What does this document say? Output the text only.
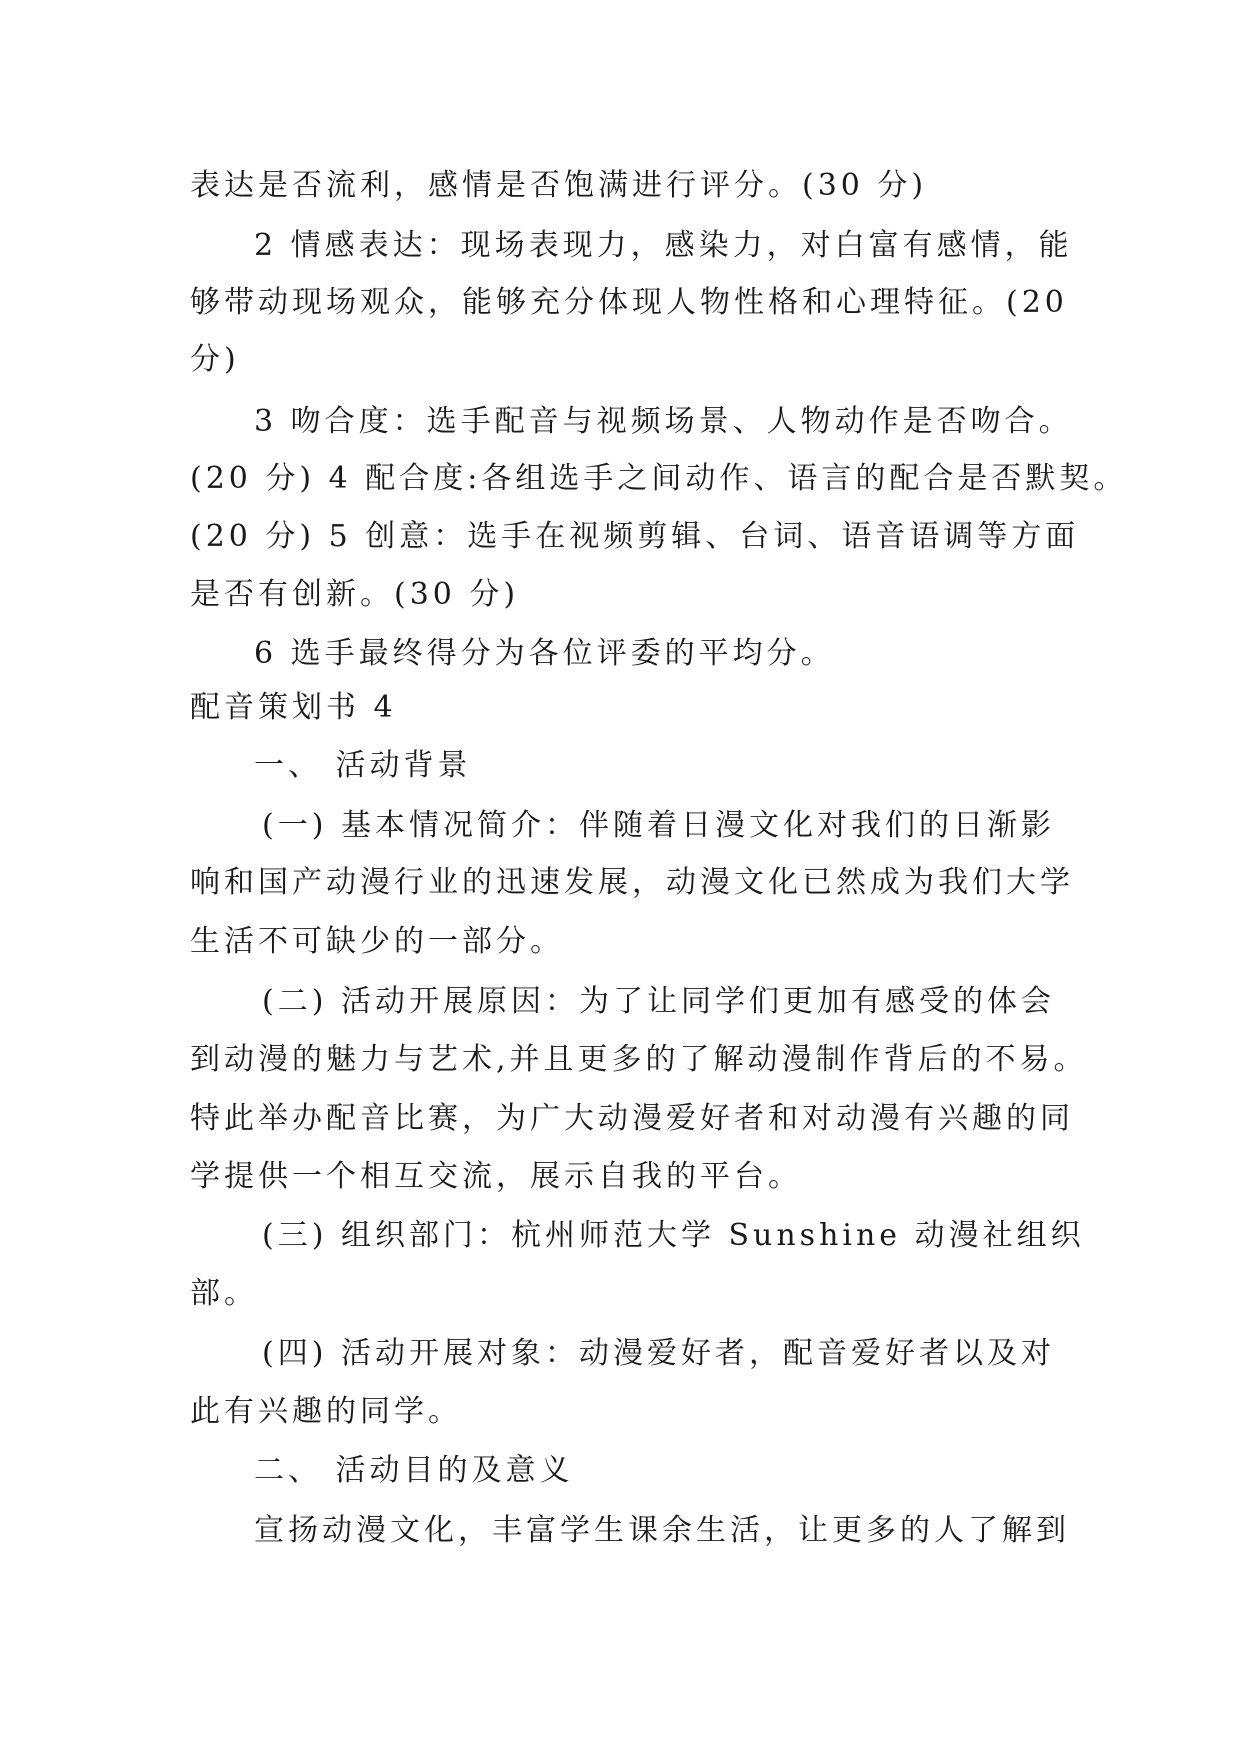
表达是否流利，感情是否饱满进行评分。(30 分)
2 情感表达：现场表现力，感染力，对白富有感情，能
够带动现场观众，能够充分体现人物性格和心理特征。(20
分)
3 吻合度：选手配音与视频场景、人物动作是否吻合。
(20 分) 4 配合度:各组选手之间动作、语言的配合是否默契。
(20 分) 5 创意：选手在视频剪辑、台词、语音语调等方面
是否有创新。(30 分)
6 选手最终得分为各位评委的平均分。
配音策划书 4
一、 活动背景
(一) 基本情况简介：伴随着日漫文化对我们的日渐影
响和国产动漫行业的迅速发展，动漫文化已然成为我们大学
生活不可缺少的一部分。
(二) 活动开展原因：为了让同学们更加有感受的体会
到动漫的魅力与艺术,并且更多的了解动漫制作背后的不易。
特此举办配音比赛，为广大动漫爱好者和对动漫有兴趣的同
学提供一个相互交流，展示自我的平台。
(三) 组织部门：杭州师范大学 Sunshine 动漫社组织
部。
(四) 活动开展对象：动漫爱好者，配音爱好者以及对
此有兴趣的同学。
二、 活动目的及意义
宣扬动漫文化，丰富学生课余生活，让更多的人了解到
